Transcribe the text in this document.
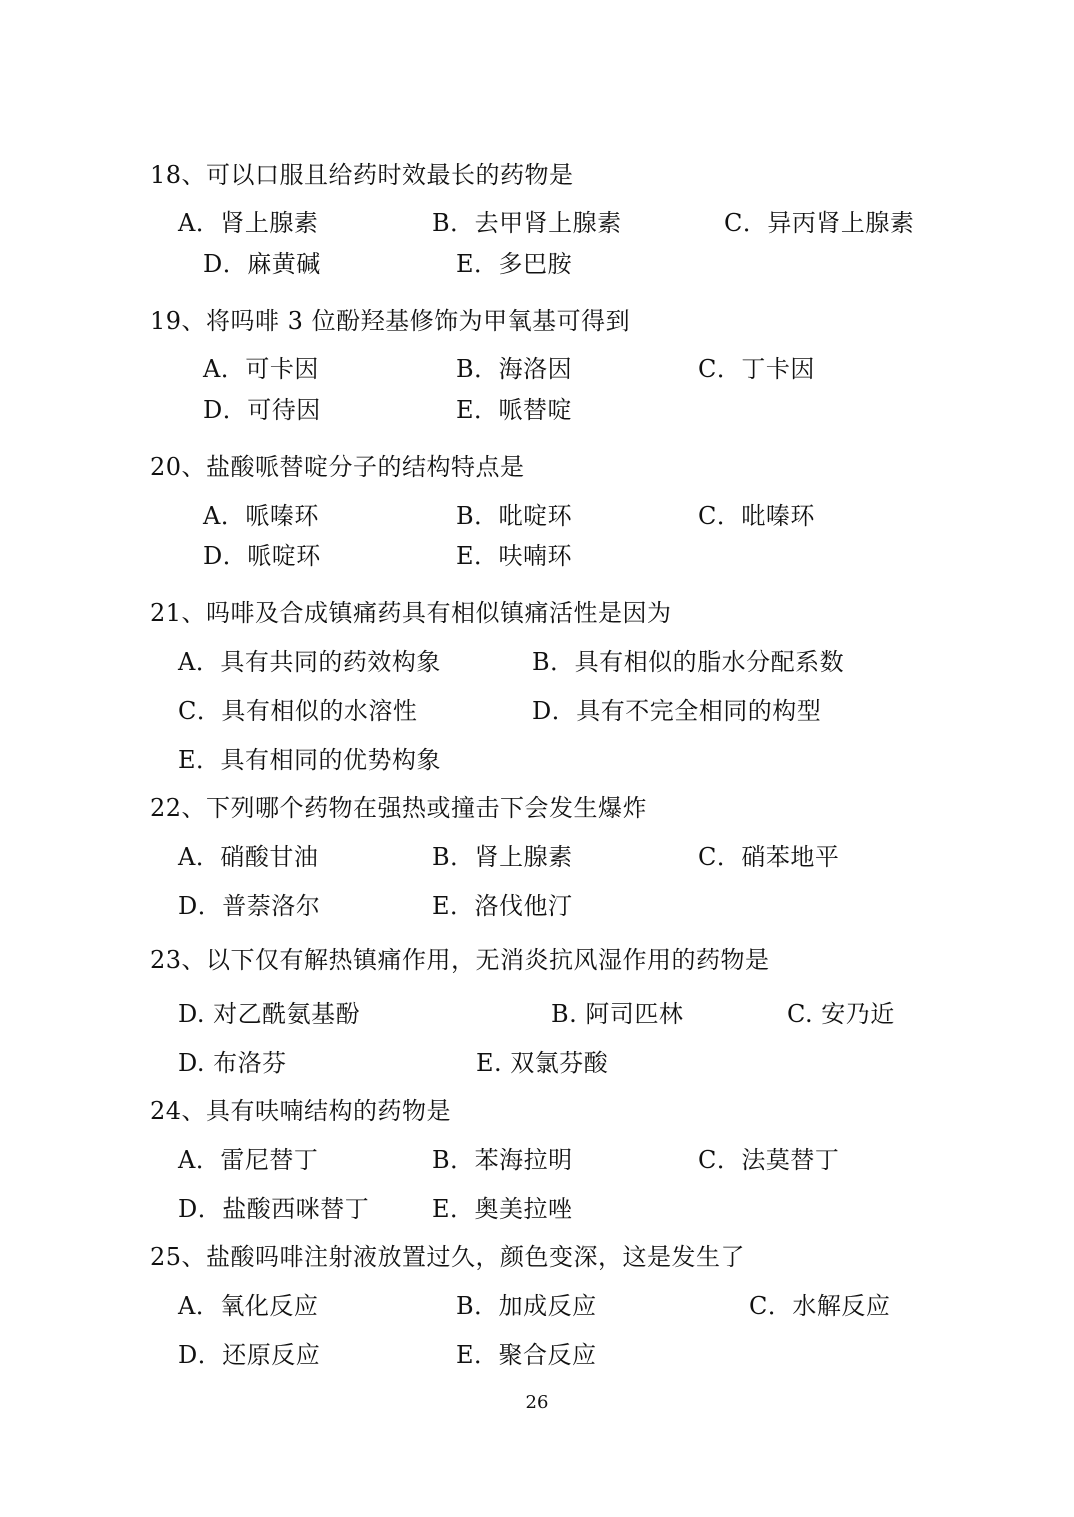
18、可以口服且给药时效最长的药物是
A．肾上腺素	B．去甲肾上腺素	C．异丙肾上腺素
D．麻黄碱	E．多巴胺
19、将吗啡 3 位酚羟基修饰为甲氧基可得到
A．可卡因	B．海洛因	C．丁卡因
D．可待因	E．哌替啶
20、盐酸哌替啶分子的结构特点是
A．哌嗪环	B．吡啶环	C．吡嗪环
D．哌啶环	E．呋喃环
21、吗啡及合成镇痛药具有相似镇痛活性是因为
A．具有共同的药效构象	B．具有相似的脂水分配系数
C．具有相似的水溶性	D．具有不完全相同的构型
E．具有相同的优势构象
22、下列哪个药物在强热或撞击下会发生爆炸
A．硝酸甘油	B．肾上腺素	C．硝苯地平
D．普萘洛尔	E．洛伐他汀
23、以下仅有解热镇痛作用，无消炎抗风湿作用的药物是
D. 对乙酰氨基酚	B. 阿司匹林	C. 安乃近
D. 布洛芬	E. 双氯芬酸
24、具有呋喃结构的药物是
A．雷尼替丁	B．苯海拉明	C．法莫替丁
D．盐酸西咪替丁	E．奥美拉唑
25、盐酸吗啡注射液放置过久，颜色变深，这是发生了
A．氧化反应	B．加成反应	C．水解反应
D．还原反应	E．聚合反应
26
